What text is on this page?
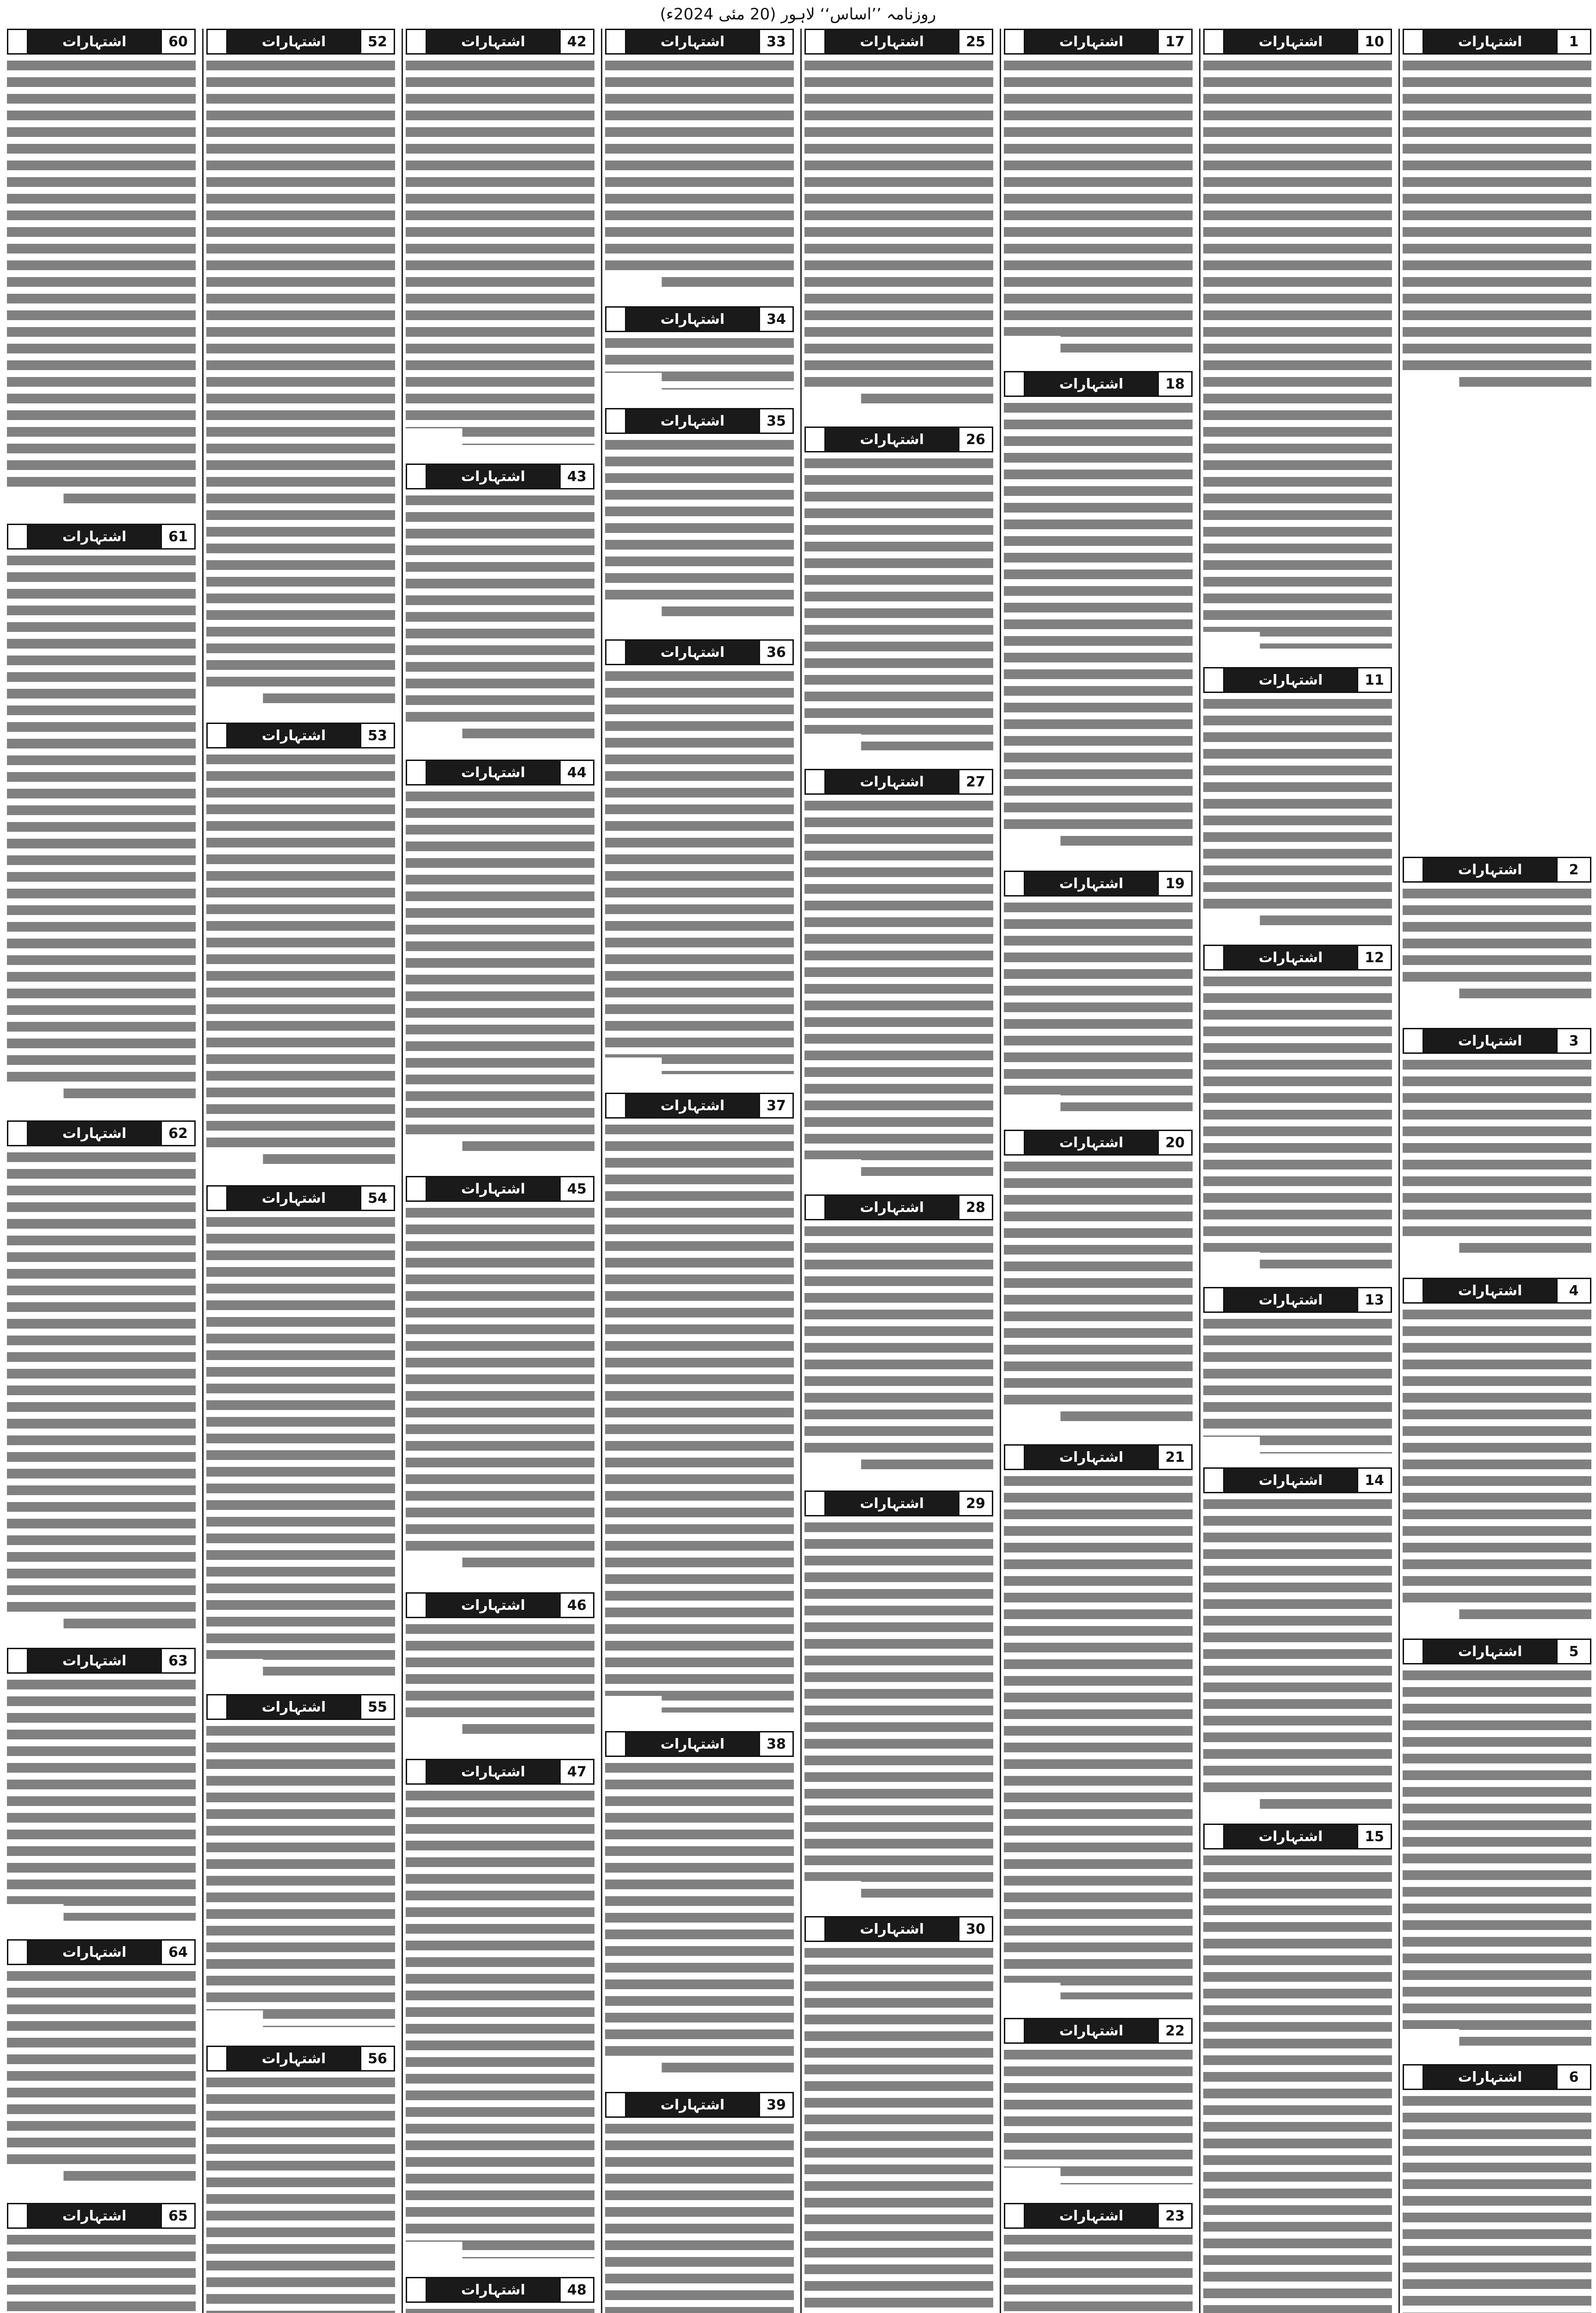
روزنامہ ’’اساس‘‘ لاہور (20 مئی 2024ء)
1
اشتہارات
2
اشتہارات
3
اشتہارات
4
اشتہارات
5
اشتہارات
6
اشتہارات
10
اشتہارات
11
اشتہارات
12
اشتہارات
13
اشتہارات
14
اشتہارات
15
اشتہارات
17
اشتہارات
18
اشتہارات
19
اشتہارات
20
اشتہارات
21
اشتہارات
22
اشتہارات
23
اشتہارات
25
اشتہارات
26
اشتہارات
27
اشتہارات
28
اشتہارات
29
اشتہارات
30
اشتہارات
33
اشتہارات
34
اشتہارات
35
اشتہارات
36
اشتہارات
37
اشتہارات
38
اشتہارات
39
اشتہارات
42
اشتہارات
43
اشتہارات
44
اشتہارات
45
اشتہارات
46
اشتہارات
47
اشتہارات
48
اشتہارات
52
اشتہارات
53
اشتہارات
54
اشتہارات
55
اشتہارات
56
اشتہارات
60
اشتہارات
61
اشتہارات
62
اشتہارات
63
اشتہارات
64
اشتہارات
65
اشتہارات
